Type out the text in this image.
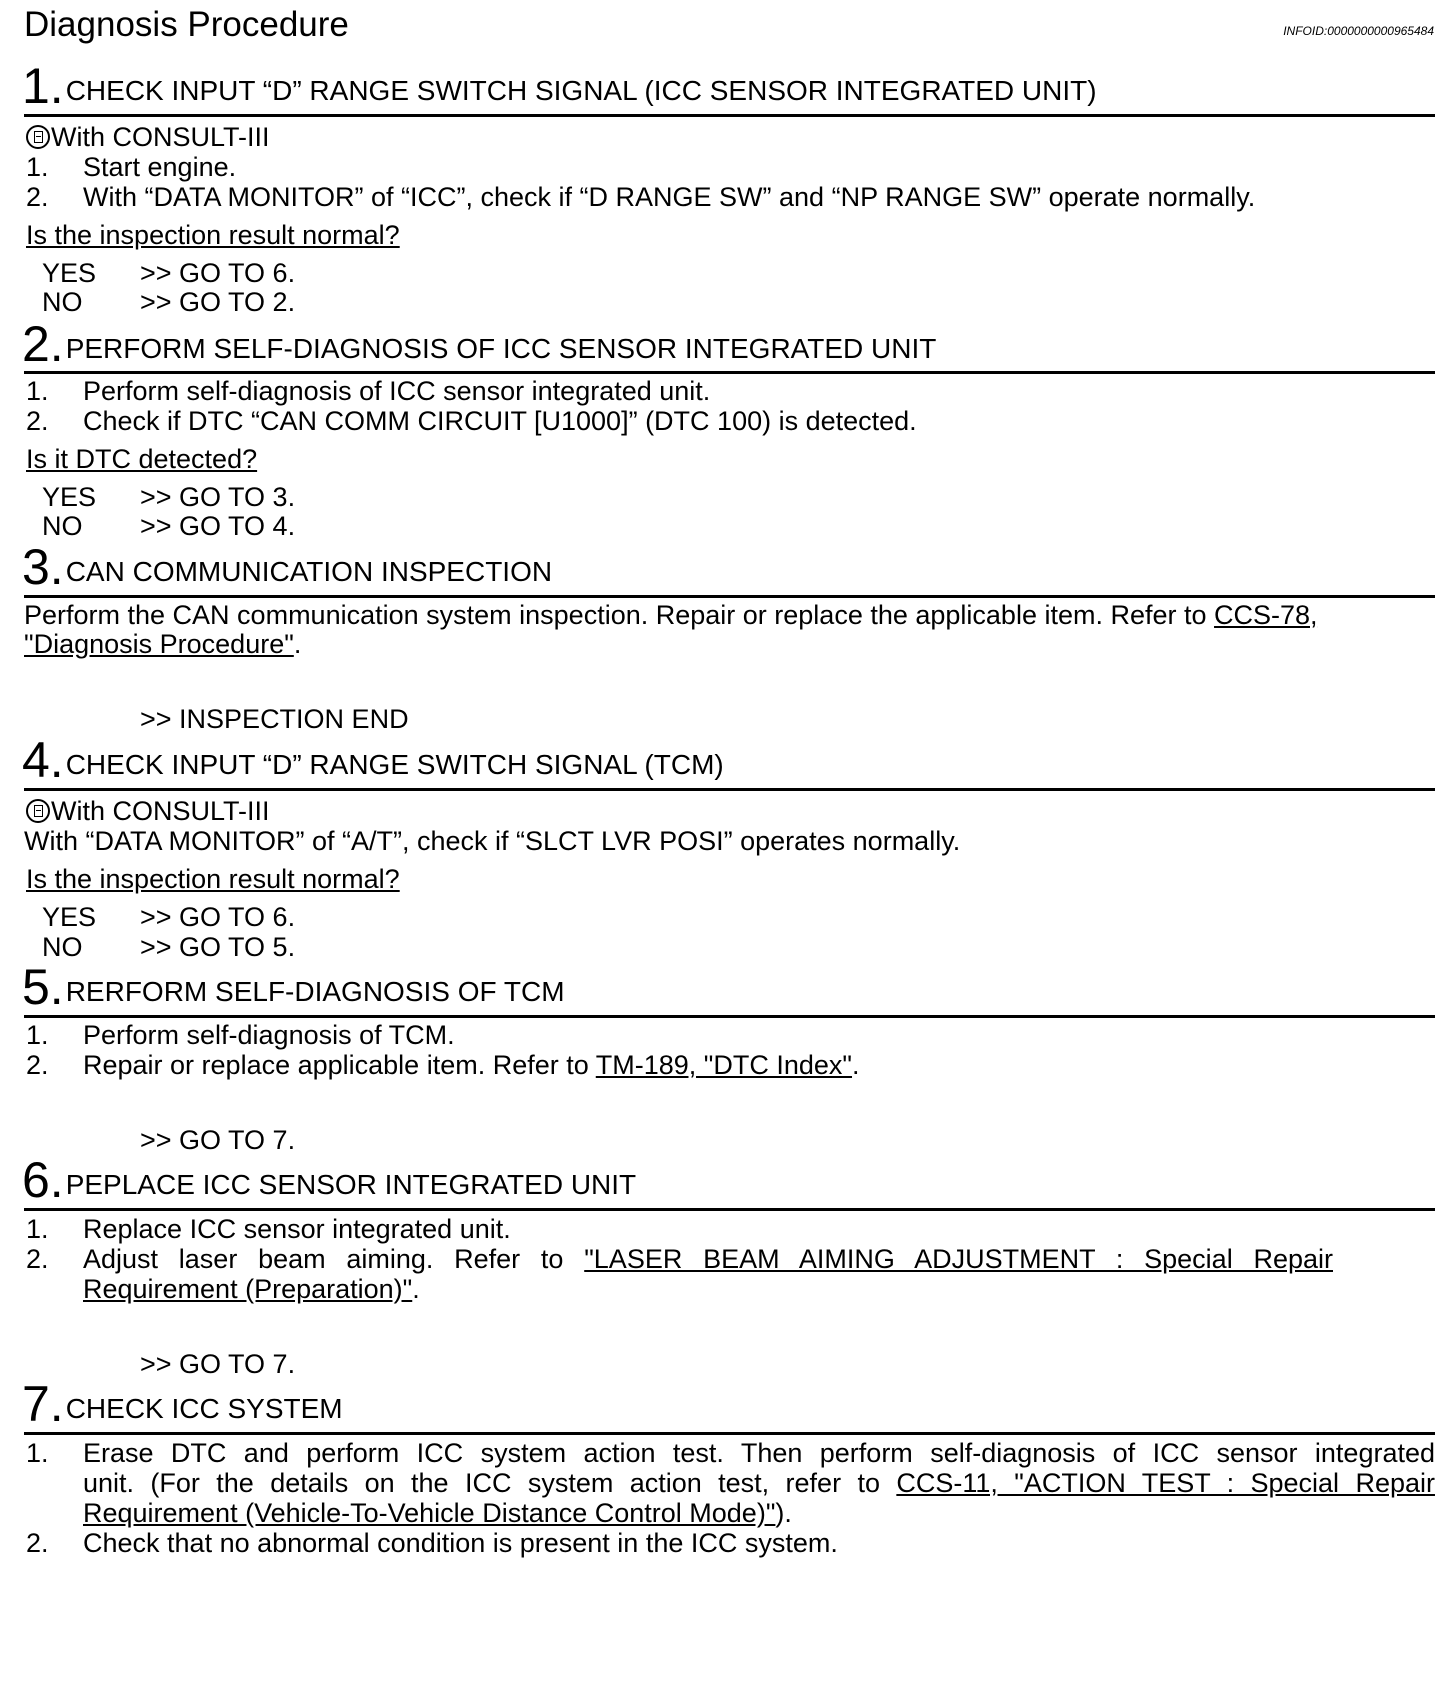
Diagnosis Procedure	INFOID:0000000000965484
1.CHECK INPUT “D” RANGE SWITCH SIGNAL (ICC SENSOR INTEGRATED UNIT)
With CONSULT-III
1. Start engine.
2. With “DATA MONITOR” of “ICC”, check if “D RANGE SW” and “NP RANGE SW” operate normally.
Is the inspection result normal?
YES >> GO TO 6.
NO >> GO TO 2.
2.PERFORM SELF-DIAGNOSIS OF ICC SENSOR INTEGRATED UNIT
1. Perform self-diagnosis of ICC sensor integrated unit.
2. Check if DTC “CAN COMM CIRCUIT [U1000]” (DTC 100) is detected.
Is it DTC detected?
YES >> GO TO 3.
NO >> GO TO 4.
3.CAN COMMUNICATION INSPECTION
Perform the CAN communication system inspection. Repair or replace the applicable item. Refer to CCS-78,
"Diagnosis Procedure".
>> INSPECTION END
4.CHECK INPUT “D” RANGE SWITCH SIGNAL (TCM)
With CONSULT-III
With “DATA MONITOR” of “A/T”, check if “SLCT LVR POSI” operates normally.
Is the inspection result normal?
YES >> GO TO 6.
NO >> GO TO 5.
5.RERFORM SELF-DIAGNOSIS OF TCM
1. Perform self-diagnosis of TCM.
2. Repair or replace applicable item. Refer to TM-189, "DTC Index".
>> GO TO 7.
6.PEPLACE ICC SENSOR INTEGRATED UNIT
1. Replace ICC sensor integrated unit.
2. Adjust laser beam aiming. Refer to "LASER BEAM AIMING ADJUSTMENT : Special Repair
Requirement (Preparation)".
>> GO TO 7.
7.CHECK ICC SYSTEM
1. Erase DTC and perform ICC system action test. Then perform self-diagnosis of ICC sensor integrated
unit. (For the details on the ICC system action test, refer to CCS-11, "ACTION TEST : Special Repair
Requirement (Vehicle-To-Vehicle Distance Control Mode)").
2. Check that no abnormal condition is present in the ICC system.
